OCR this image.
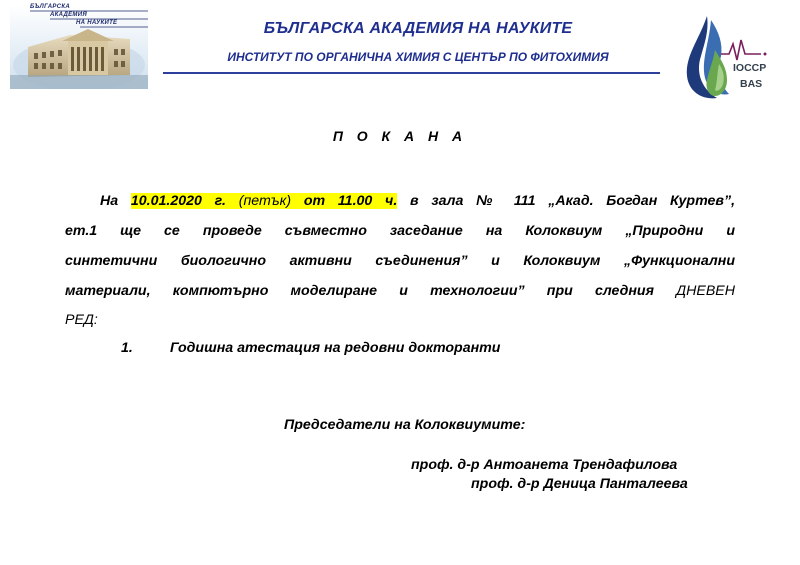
БЪЛГАРСКА
АКАДЕМИЯ
НА НАУКИТЕ	БЪЛГАРСКА АКАДЕМИЯ НА НАУКИТЕ
ИНСТИТУТ ПО ОРГАНИЧНА ХИМИЯ С ЦЕНТЪР ПО ФИТОХИМИЯ
IOCCP
BAS
П О К А Н А
На 10.01.2020 г. (петък) от 11.00 ч. в зала № 111 „Акад. Богдан Куртев”,
ет.1 ще се проведе съвместно заседание на Колоквиум „Природни и
синтетични биологично активни съединения” и Колоквиум „Функционални
материали, компютърно моделиране и технологии” при следния ДНЕВЕН
РЕД:
1.	Годишна атестация на редовни докторанти
Председатели на Колоквиумите:
проф. д-р Антоанета Трендафилова
проф. д-р Деница Панталеева
